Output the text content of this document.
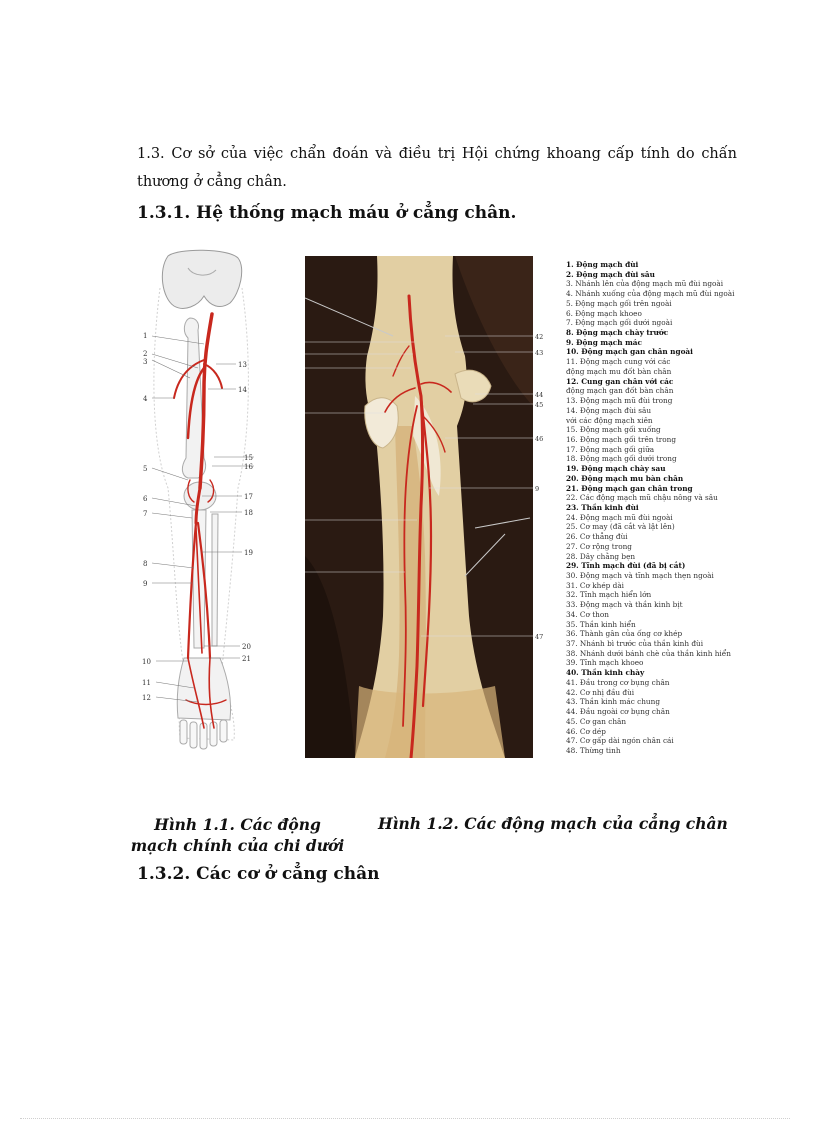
1.3. Cơ sở của việc chẩn đoán và điều trị Hội chứng khoang cấp tính do chấn thương ở cẳng chân.
1.3.1. Hệ thống mạch máu ở cẳng chân.
1
2
3
4
5
6
7
8
9
10
11
12
13
14
15
16
17
18
19
20
21
42
43
44
45
46
9
47
1. Động mạch đùi
2. Động mạch đùi sâu
3. Nhánh lên của động mạch mũ đùi ngoài
4. Nhánh xuống của động mạch mũ đùi ngoài
5. Động mạch gối trên ngoài
6. Động mạch khoeo
7. Động mạch gối dưới ngoài
8. Động mạch chày trước
9. Động mạch mác
10. Động mạch gan chân ngoài
11. Động mạch cung với các
động mạch mu đốt bàn chân
12. Cung gan chân với các
động mạch gan đốt bàn chân
13. Động mạch mũ đùi trong
14. Động mạch đùi sâu
với các động mạch xiên
15. Động mạch gối xuống
16. Động mạch gối trên trong
17. Động mạch gối giữa
18. Động mạch gối dưới trong
19. Động mạch chày sau
20. Động mạch mu bàn chân
21. Động mạch gan chân trong
22. Các động mạch mũ chậu nông và sâu
23. Thần kinh đùi
24. Động mạch mũ đùi ngoài
25. Cơ may (đã cắt và lật lên)
26. Cơ thẳng đùi
27. Cơ rộng trong
28. Dây chằng bẹn
29. Tĩnh mạch đùi (đã bị cắt)
30. Động mạch và tĩnh mạch thẹn ngoài
31. Cơ khép dài
32. Tĩnh mạch hiển lớn
33. Động mạch và thần kinh bịt
34. Cơ thon
35. Thần kinh hiển
36. Thành gân của ống cơ khép
37. Nhánh bì trước của thần kinh đùi
38. Nhánh dưới bánh chè của thần kinh hiển
39. Tĩnh mạch khoeo
40. Thần kinh chày
41. Đầu trong cơ bụng chân
42. Cơ nhị đầu đùi
43. Thần kinh mác chung
44. Đầu ngoài cơ bụng chân
45. Cơ gan chân
46. Cơ dép
47. Cơ gấp dài ngón chân cái
48. Thừng tinh
Hình 1.1. Các động mạch chính của chi dưới
Hình 1.2. Các động mạch của cẳng chân
1.3.2. Các cơ ở cẳng chân
